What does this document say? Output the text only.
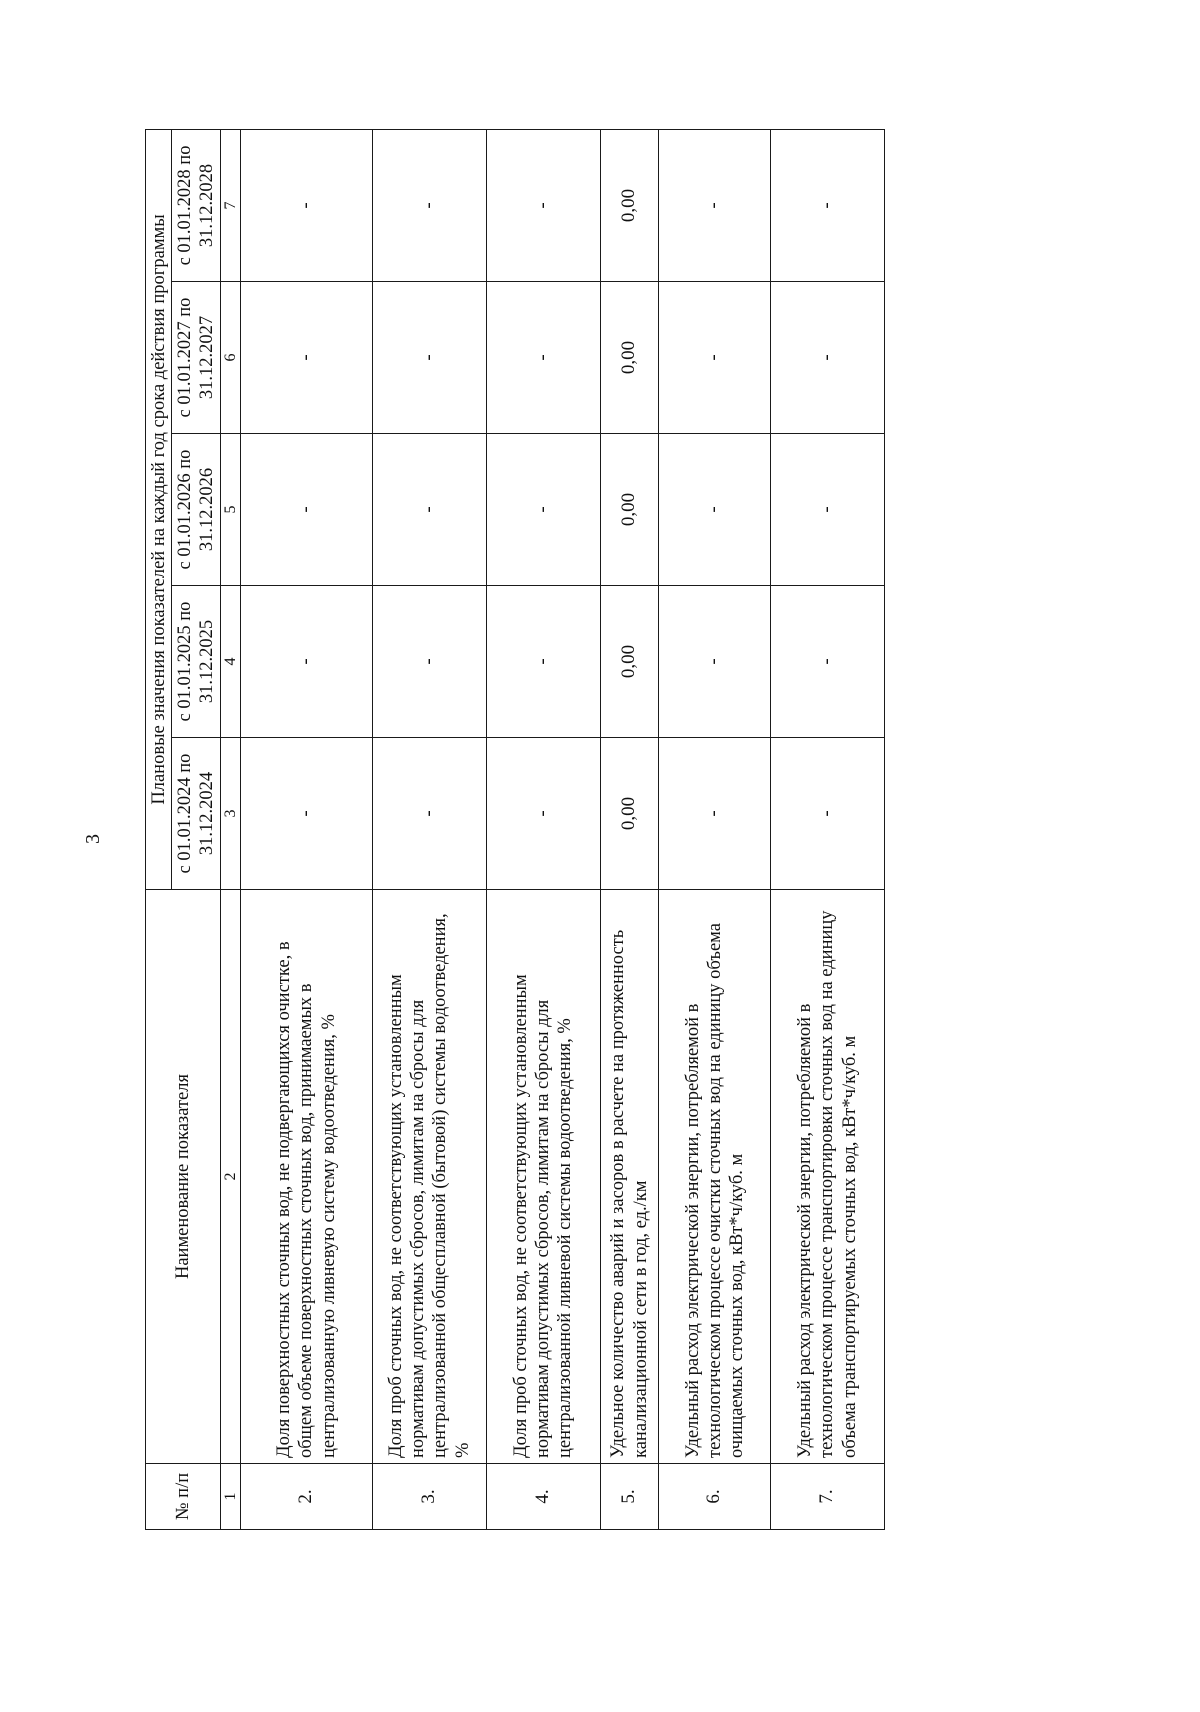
3
№ п/п	Наименование показателя	Плановые значения показателей на каждый год срока действия программы				
		с 01.01.2024 по 31.12.2024	с 01.01.2025 по 31.12.2025	с 01.01.2026 по 31.12.2026	с 01.01.2027 по 31.12.2027	с 01.01.2028 по 31.12.2028
1	2	3	4	5	6	7
2.	Доля поверхностных сточных вод, не подвергающихся очистке, в общем объеме поверхностных сточных вод, принимаемых в централизованную ливневую систему водоотведения, %	-	-	-	-	-
3.	Доля проб сточных вод, не соответствующих установленным нормативам допустимых сбросов, лимитам на сбросы для централизованной общесплавной (бытовой) системы водоотведения, %	-	-	-	-	-
4.	Доля проб сточных вод, не соответствующих установленным нормативам допустимых сбросов, лимитам на сбросы для централизованной ливневой системы водоотведения, %	-	-	-	-	-
5.	Удельное количество аварий и засоров в расчете на протяженность канализационной сети в год, ед./км	0,00	0,00	0,00	0,00	0,00
6.	Удельный расход электрической энергии, потребляемой в технологическом процессе очистки сточных вод на единицу объема очищаемых сточных вод, кВт*ч/куб. м	-	-	-	-	-
7.	Удельный расход электрической энергии, потребляемой в технологическом процессе транспортировки сточных вод на единицу объема транспортируемых сточных вод, кВт*ч/куб. м	-	-	-	-	-
